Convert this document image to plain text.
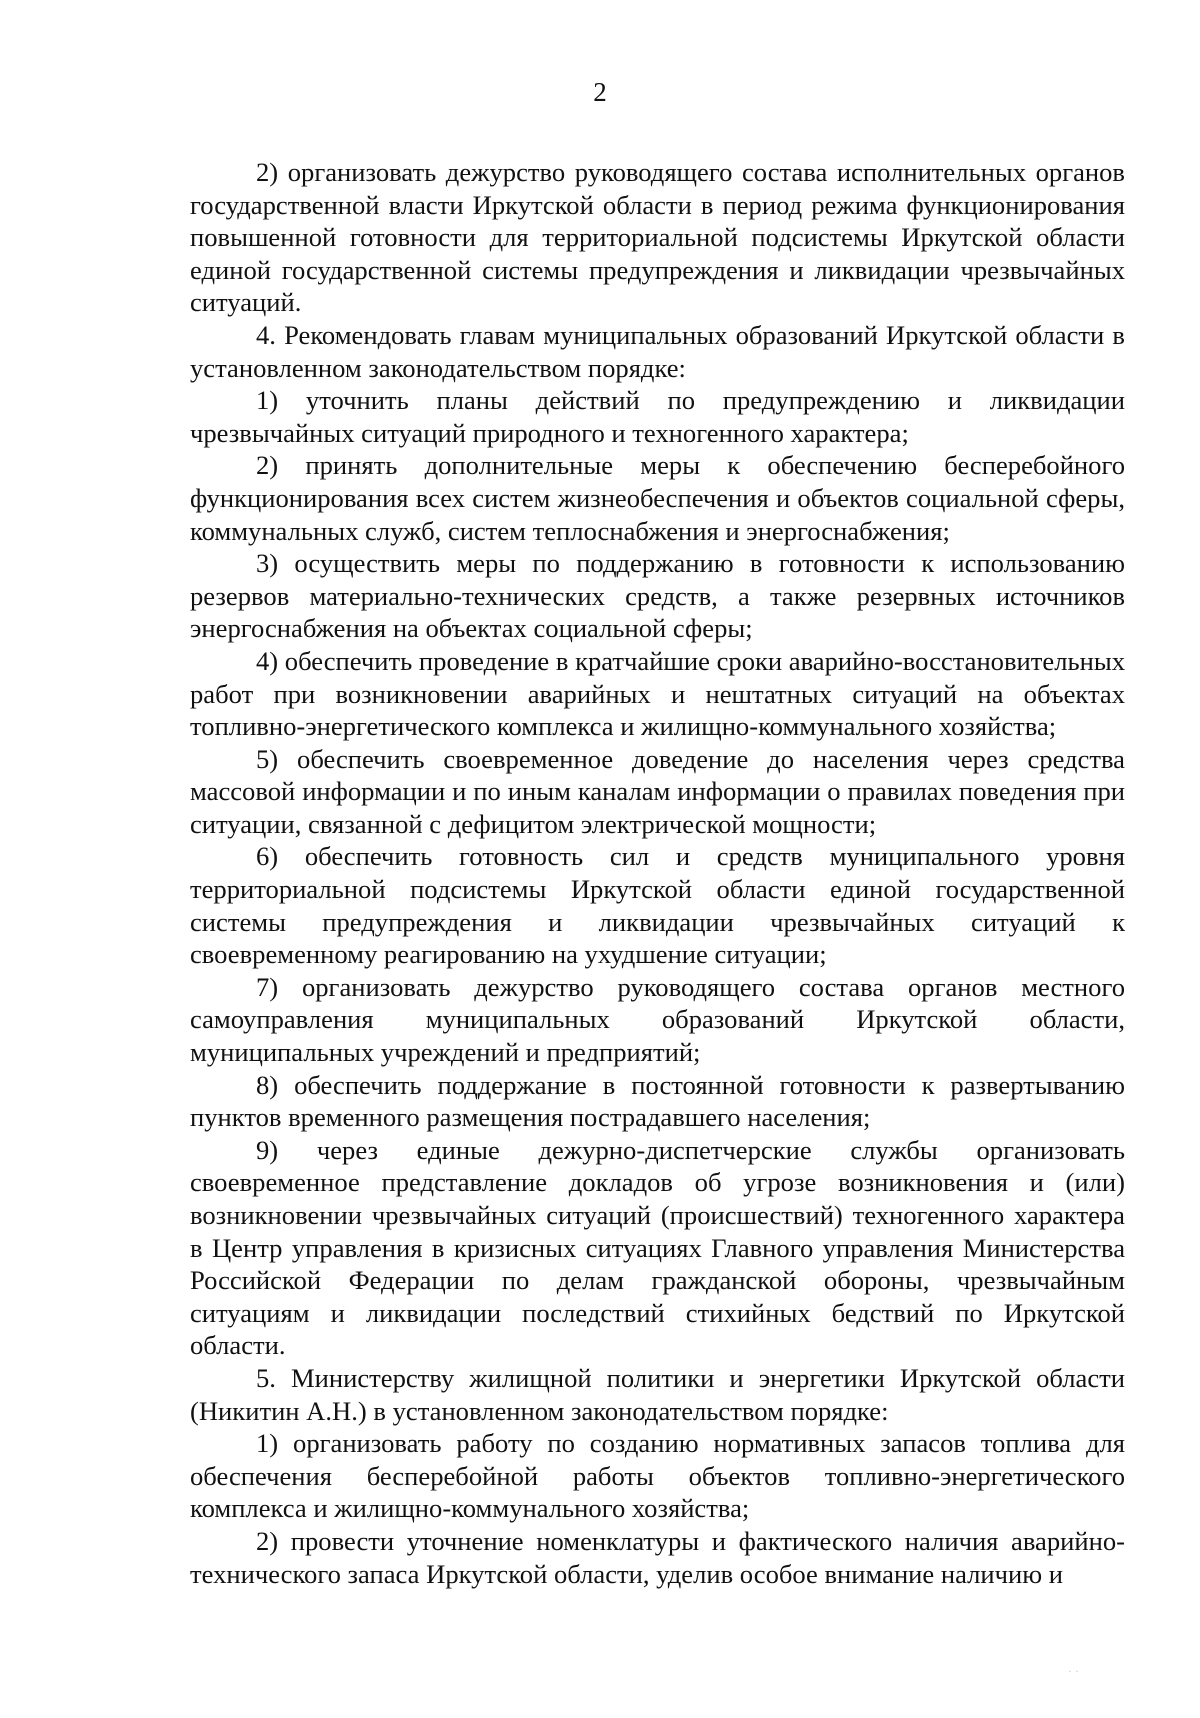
2

2) организовать дежурство руководящего состава исполнительных органов государственной власти Иркутской области в период режима функционирования повышенной готовности для территориальной подсистемы Иркутской области единой государственной системы предупреждения и ликвидации чрезвычайных ситуаций.

4. Рекомендовать главам муниципальных образований Иркутской области в установленном законодательством порядке:

1) уточнить планы действий по предупреждению и ликвидации чрезвычайных ситуаций природного и техногенного характера;

2) принять дополнительные меры к обеспечению бесперебойного функционирования всех систем жизнеобеспечения и объектов социальной сферы, коммунальных служб, систем теплоснабжения и энергоснабжения;

3) осуществить меры по поддержанию в готовности к использованию резервов материально-технических средств, а также резервных источников энергоснабжения на объектах социальной сферы;

4) обеспечить проведение в кратчайшие сроки аварийно-восстановительных работ при возникновении аварийных и нештатных ситуаций на объектах топливно-энергетического комплекса и жилищно-коммунального хозяйства;

5) обеспечить своевременное доведение до населения через средства массовой информации и по иным каналам информации о правилах поведения при ситуации, связанной с дефицитом электрической мощности;

6) обеспечить готовность сил и средств муниципального уровня территориальной подсистемы Иркутской области единой государственной системы предупреждения и ликвидации чрезвычайных ситуаций к своевременному реагированию на ухудшение ситуации;

7) организовать дежурство руководящего состава органов местного самоуправления муниципальных образований Иркутской области, муниципальных учреждений и предприятий;

8) обеспечить поддержание в постоянной готовности к развертыванию пунктов временного размещения пострадавшего населения;

9) через единые дежурно-диспетчерские службы организовать своевременное представление докладов об угрозе возникновения и (или) возникновении чрезвычайных ситуаций (происшествий) техногенного характера в Центр управления в кризисных ситуациях Главного управления Министерства Российской Федерации по делам гражданской обороны, чрезвычайным ситуациям и ликвидации последствий стихийных бедствий по Иркутской области.

5. Министерству жилищной политики и энергетики Иркутской области (Никитин А.Н.) в установленном законодательством порядке:

1) организовать работу по созданию нормативных запасов топлива для обеспечения бесперебойной работы объектов топливно-энергетического комплекса и жилищно-коммунального хозяйства;

2) провести уточнение номенклатуры и фактического наличия аварийно-технического запаса Иркутской области, уделив особое внимание наличию и

· ·
